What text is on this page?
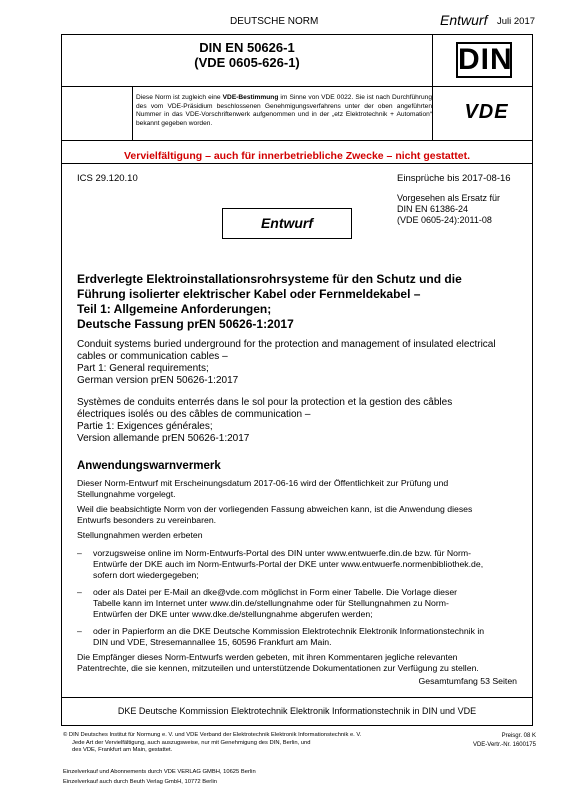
DEUTSCHE NORM	Entwurf Juli 2017
DIN EN 50626-1
(VDE 0605-626-1)	DIN
VDE
Diese Norm ist zugleich eine VDE-Bestimmung im Sinne von VDE 0022. Sie ist nach Durchführung des vom VDE-Präsidium beschlossenen Genehmigungsverfahrens unter der oben angeführten Nummer in das VDE-Vorschriftenwerk aufgenommen und in der „etz Elektrotechnik + Automation“ bekannt gegeben worden.
Vervielfältigung – auch für innerbetriebliche Zwecke – nicht gestattet.
ICS 29.120.10	Einsprüche bis 2017-08-16
Vorgesehen als Ersatz für
DIN EN 61386-24
(VDE 0605-24):2011-08
Entwurf
Erdverlegte Elektroinstallationsrohrsysteme für den Schutz und die
Führung isolierter elektrischer Kabel oder Fernmeldekabel –
Teil 1: Allgemeine Anforderungen;
Deutsche Fassung prEN 50626-1:2017
Conduit systems buried underground for the protection and management of insulated electrical
cables or communication cables –
Part 1: General requirements;
German version prEN 50626-1:2017
Systèmes de conduits enterrés dans le sol pour la protection et la gestion des câbles
électriques isolés ou des câbles de communication –
Partie 1: Exigences générales;
Version allemande prEN 50626-1:2017
Anwendungswarnvermerk
Dieser Norm-Entwurf mit Erscheinungsdatum 2017-06-16 wird der Öffentlichkeit zur Prüfung und
Stellungnahme vorgelegt.
Weil die beabsichtigte Norm von der vorliegenden Fassung abweichen kann, ist die Anwendung dieses
Entwurfs besonders zu vereinbaren.
Stellungnahmen werden erbeten
– vorzugsweise online im Norm-Entwurfs-Portal des DIN unter www.entwuerfe.din.de bzw. für Norm-
Entwürfe der DKE auch im Norm-Entwurfs-Portal der DKE unter www.entwuerfe.normenbibliothek.de,
sofern dort wiedergegeben;
– oder als Datei per E-Mail an dke@vde.com möglichst in Form einer Tabelle. Die Vorlage dieser
Tabelle kann im Internet unter www.din.de/stellungnahme oder für Stellungnahmen zu Norm-
Entwürfen der DKE unter www.dke.de/stellungnahme abgerufen werden;
– oder in Papierform an die DKE Deutsche Kommission Elektrotechnik Elektronik Informationstechnik in
DIN und VDE, Stresemannallee 15, 60596 Frankfurt am Main.
Die Empfänger dieses Norm-Entwurfs werden gebeten, mit ihren Kommentaren jegliche relevanten
Patentrechte, die sie kennen, mitzuteilen und unterstützende Dokumentationen zur Verfügung zu stellen.
Gesamtumfang 53 Seiten
DKE Deutsche Kommission Elektrotechnik Elektronik Informationstechnik in DIN und VDE
© DIN Deutsches Institut für Normung e. V. und VDE Verband der Elektrotechnik Elektronik Informationstechnik e. V.
Jede Art der Vervielfältigung, auch auszugsweise, nur mit Genehmigung des DIN, Berlin, und
des VDE, Frankfurt am Main, gestattet.
Einzelverkauf und Abonnements durch VDE VERLAG GMBH, 10625 Berlin
Einzelverkauf auch durch Beuth Verlag GmbH, 10772 Berlin
Preisgr. 08 K
VDE-Vertr.-Nr. 1600175
